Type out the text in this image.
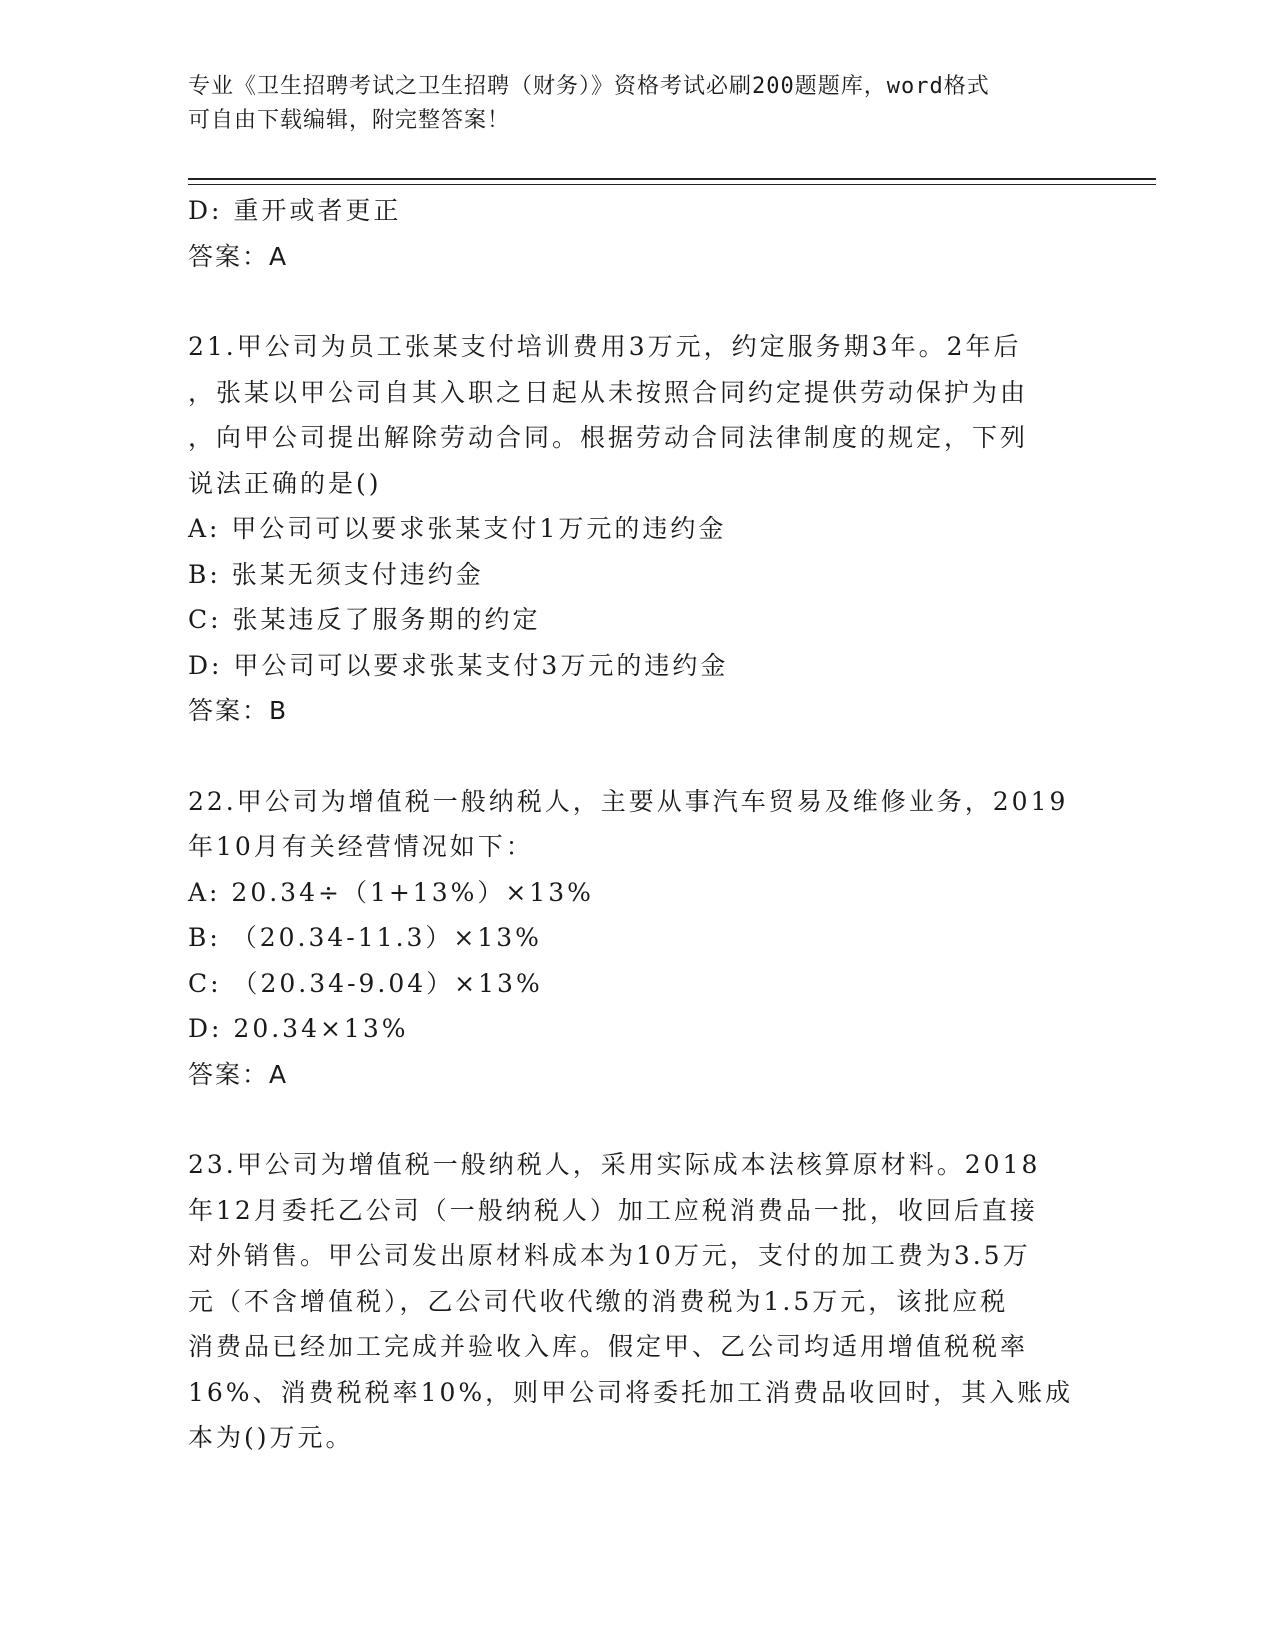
专业《卫生招聘考试之卫生招聘（财务）》资格考试必刷200题题库，word格式
可自由下载编辑，附完整答案！
D: 重开或者更正
答案：A
21.甲公司为员工张某支付培训费用3万元，约定服务期3年。2年后
，张某以甲公司自其入职之日起从未按照合同约定提供劳动保护为由
，向甲公司提出解除劳动合同。根据劳动合同法律制度的规定，下列
说法正确的是()
A: 甲公司可以要求张某支付1万元的违约金
B: 张某无须支付违约金
C: 张某违反了服务期的约定
D: 甲公司可以要求张某支付3万元的违约金
答案：B
22.甲公司为增值税一般纳税人，主要从事汽车贸易及维修业务，2019
年10月有关经营情况如下：
A: 20.34÷（1+13%）×13%
B: （20.34-11.3）×13%
C: （20.34-9.04）×13%
D: 20.34×13%
答案：A
23.甲公司为增值税一般纳税人，采用实际成本法核算原材料。2018
年12月委托乙公司（一般纳税人）加工应税消费品一批，收回后直接
对外销售。甲公司发出原材料成本为10万元，支付的加工费为3.5万
元（不含增值税），乙公司代收代缴的消费税为1.5万元，该批应税
消费品已经加工完成并验收入库。假定甲、乙公司均适用增值税税率
16%、消费税税率10%，则甲公司将委托加工消费品收回时，其入账成
本为()万元。
